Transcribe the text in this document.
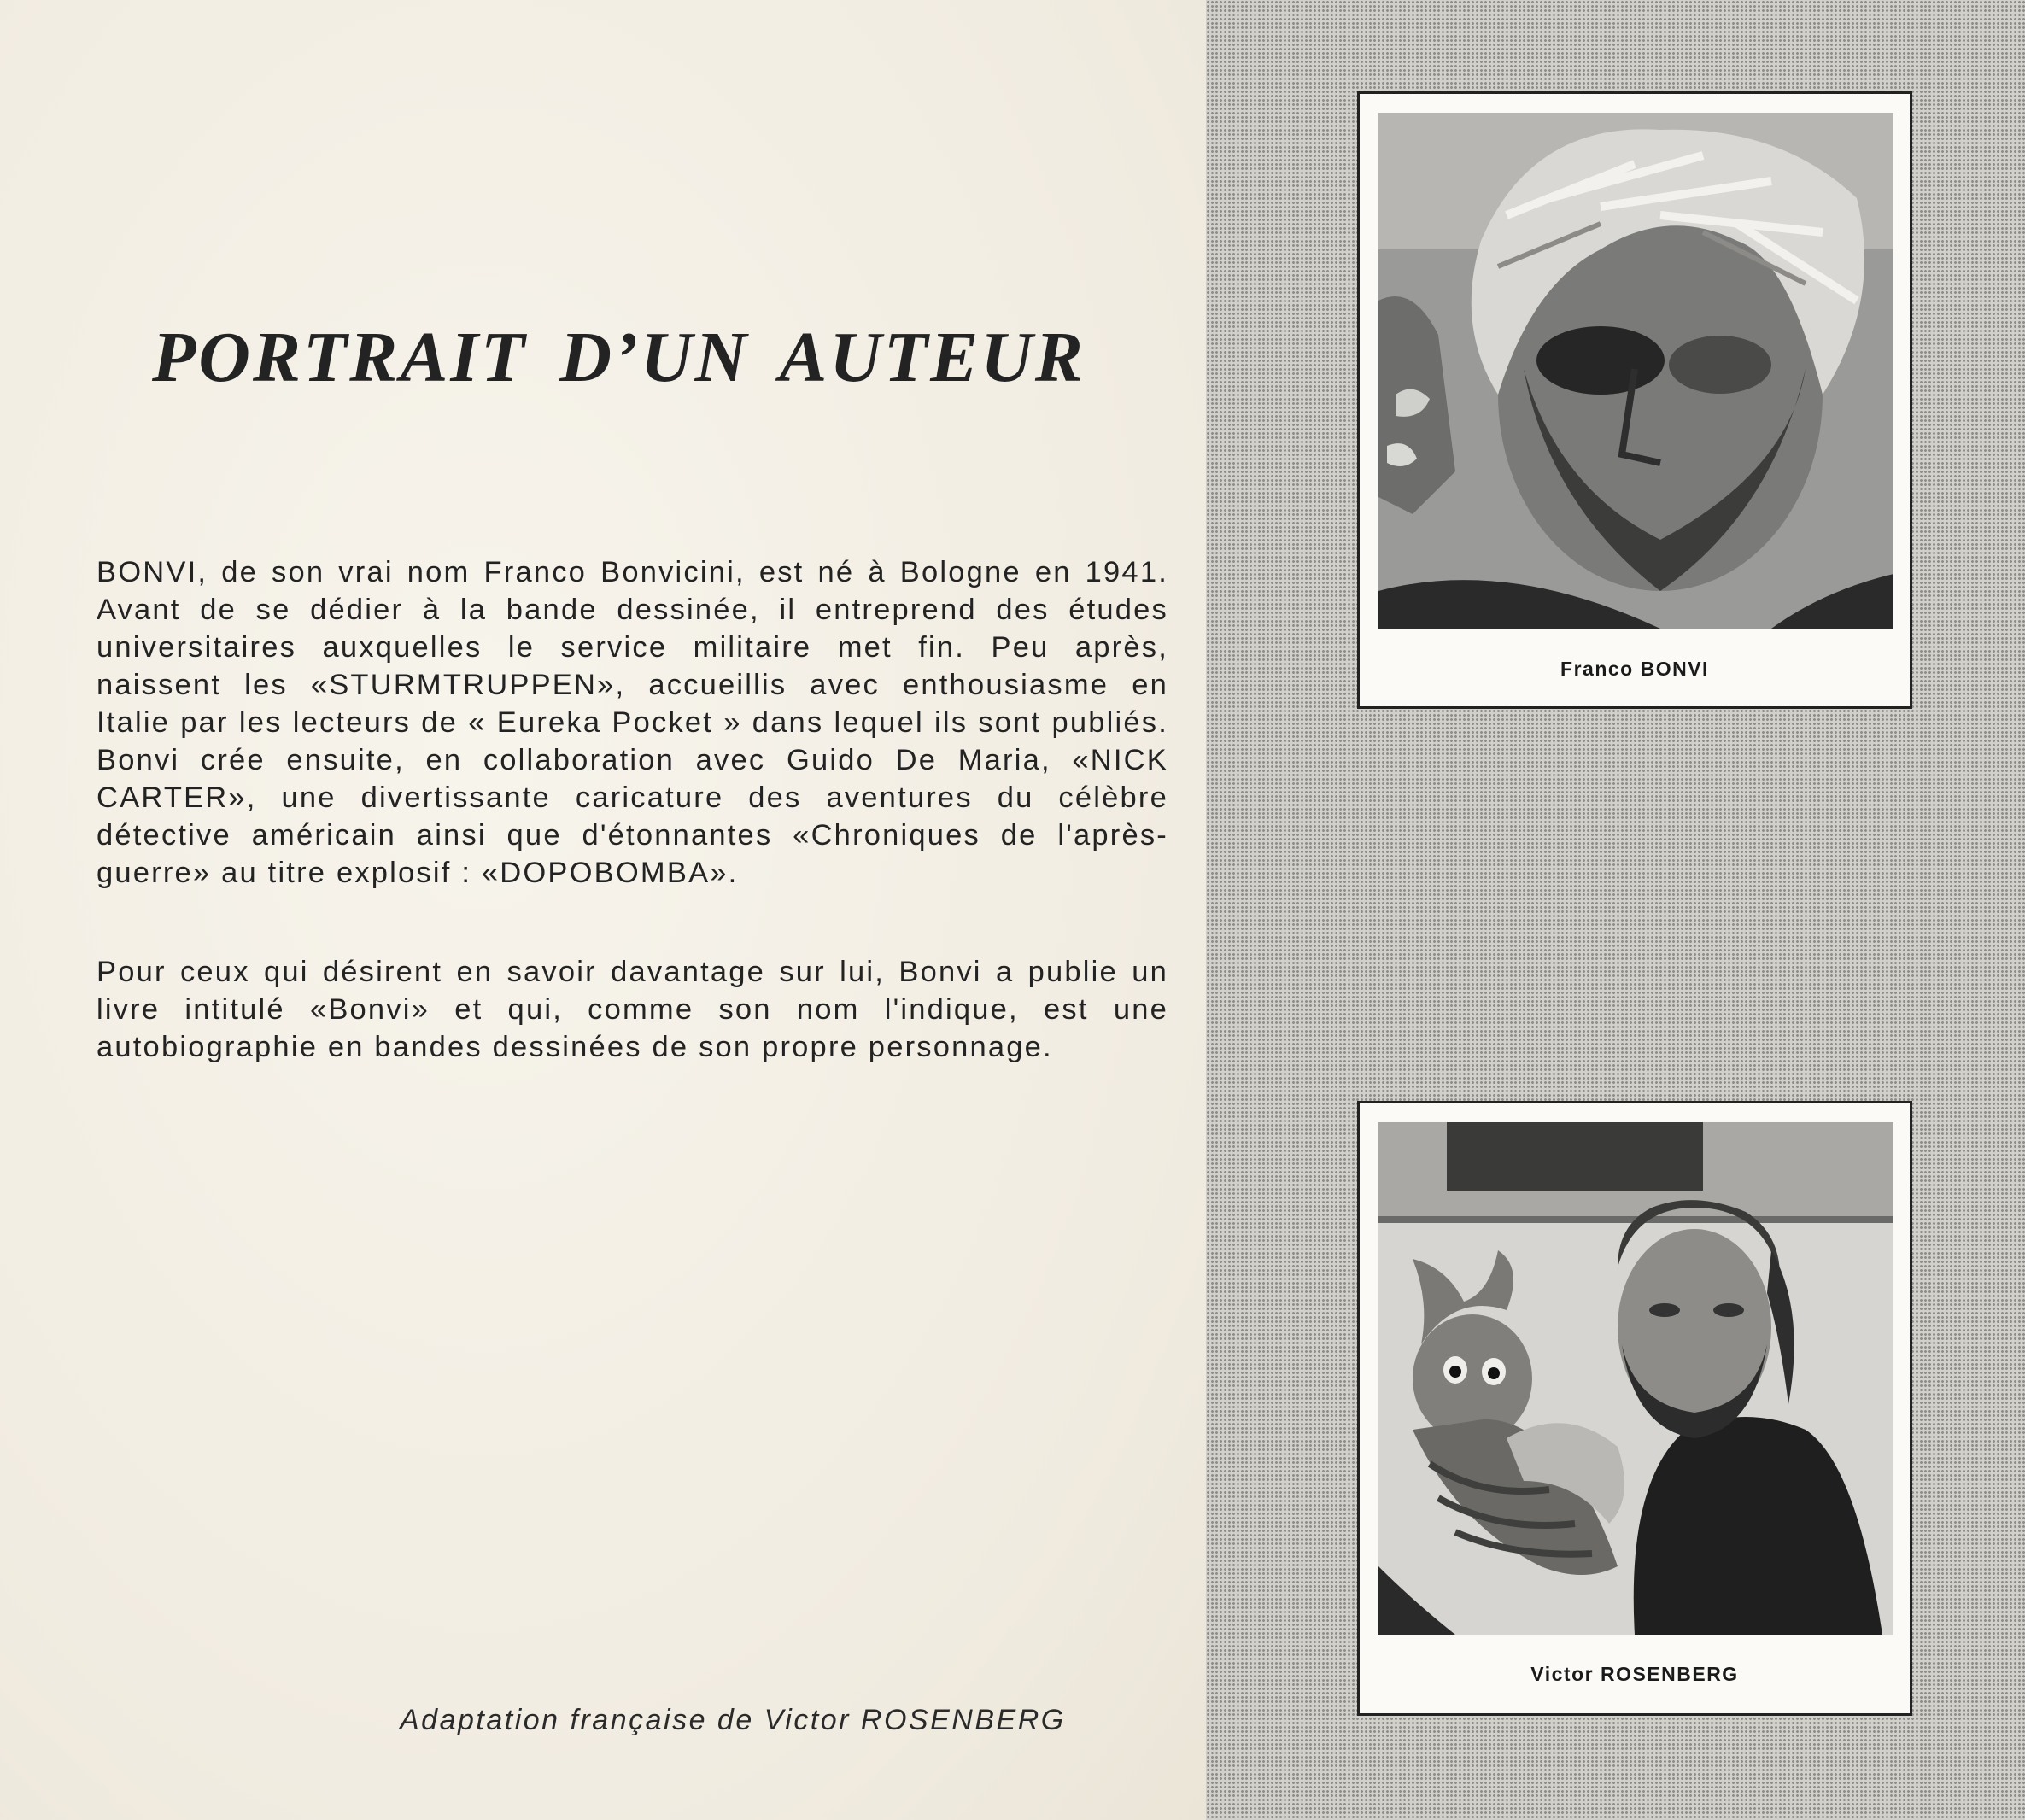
PORTRAIT D’UN AUTEUR

BONVI, de son vrai nom Franco Bonvicini, est né à Bologne en 1941. Avant de se dédier à la bande dessinée, il entreprend des études universitaires auxquelles le service militaire met fin. Peu après, naissent les «STURMTRUPPEN», accueillis avec enthousiasme en Italie par les lecteurs de « Eureka Pocket » dans lequel ils sont publiés. Bonvi crée ensuite, en collaboration avec Guido De Maria, «NICK CARTER», une divertissante caricature des aventures du célèbre détective américain ainsi que d'étonnantes «Chroniques de l'après-guerre» au titre explosif : «DOPOBOMBA».

Pour ceux qui désirent en savoir davantage sur lui, Bonvi a publie un livre intitulé «Bonvi» et qui, comme son nom l'indique, est une autobiographie en bandes dessinées de son propre personnage.

Adaptation française de Victor ROSENBERG

Franco BONVI
Victor ROSENBERG
